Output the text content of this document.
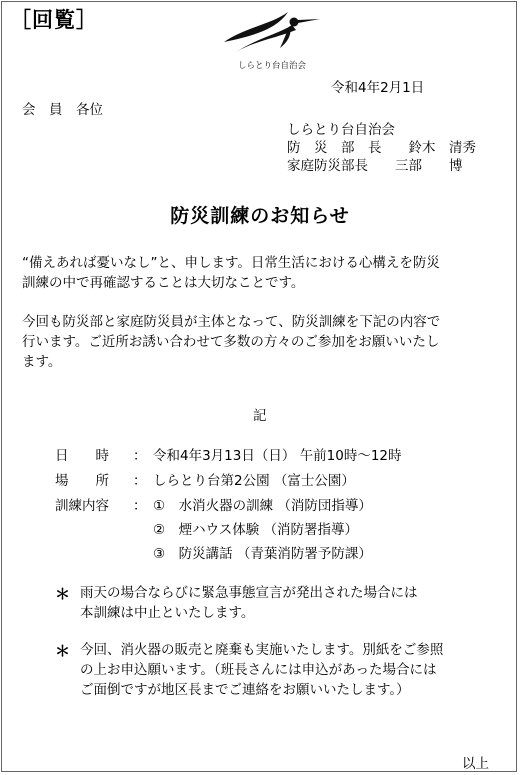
［回覧］
しらとり台自治会
令和4年2月1日
会　員　各位
しらとり台自治会
防　災　部　長　　鈴木　清秀
家庭防災部長　　三部　　博
防災訓練のお知らせ
“備えあれば憂いなし”と、申します。日常生活における心構えを防災
訓練の中で再確認することは大切なことです。
今回も防災部と家庭防災員が主体となって、防災訓練を下記の内容で
行います。ご近所お誘い合わせて多数の方々のご参加をお願いいたし
ます。
記
日　　時 ： 令和4年3月13日（日） 午前10時〜12時
場　　所 ： しらとり台第2公園 （富士公園）
訓練内容 ： ①　水消火器の訓練 （消防団指導）
②　煙ハウス体験 （消防署指導）
③　防災講話 （青葉消防署予防課）
＊ 雨天の場合ならびに緊急事態宣言が発出された場合には
本訓練は中止といたします。
＊ 今回、消火器の販売と廃棄も実施いたします。別紙をご参照
の上お申込願います。（班長さんには申込があった場合には
ご面倒ですが地区長までご連絡をお願いいたします。）
以上
